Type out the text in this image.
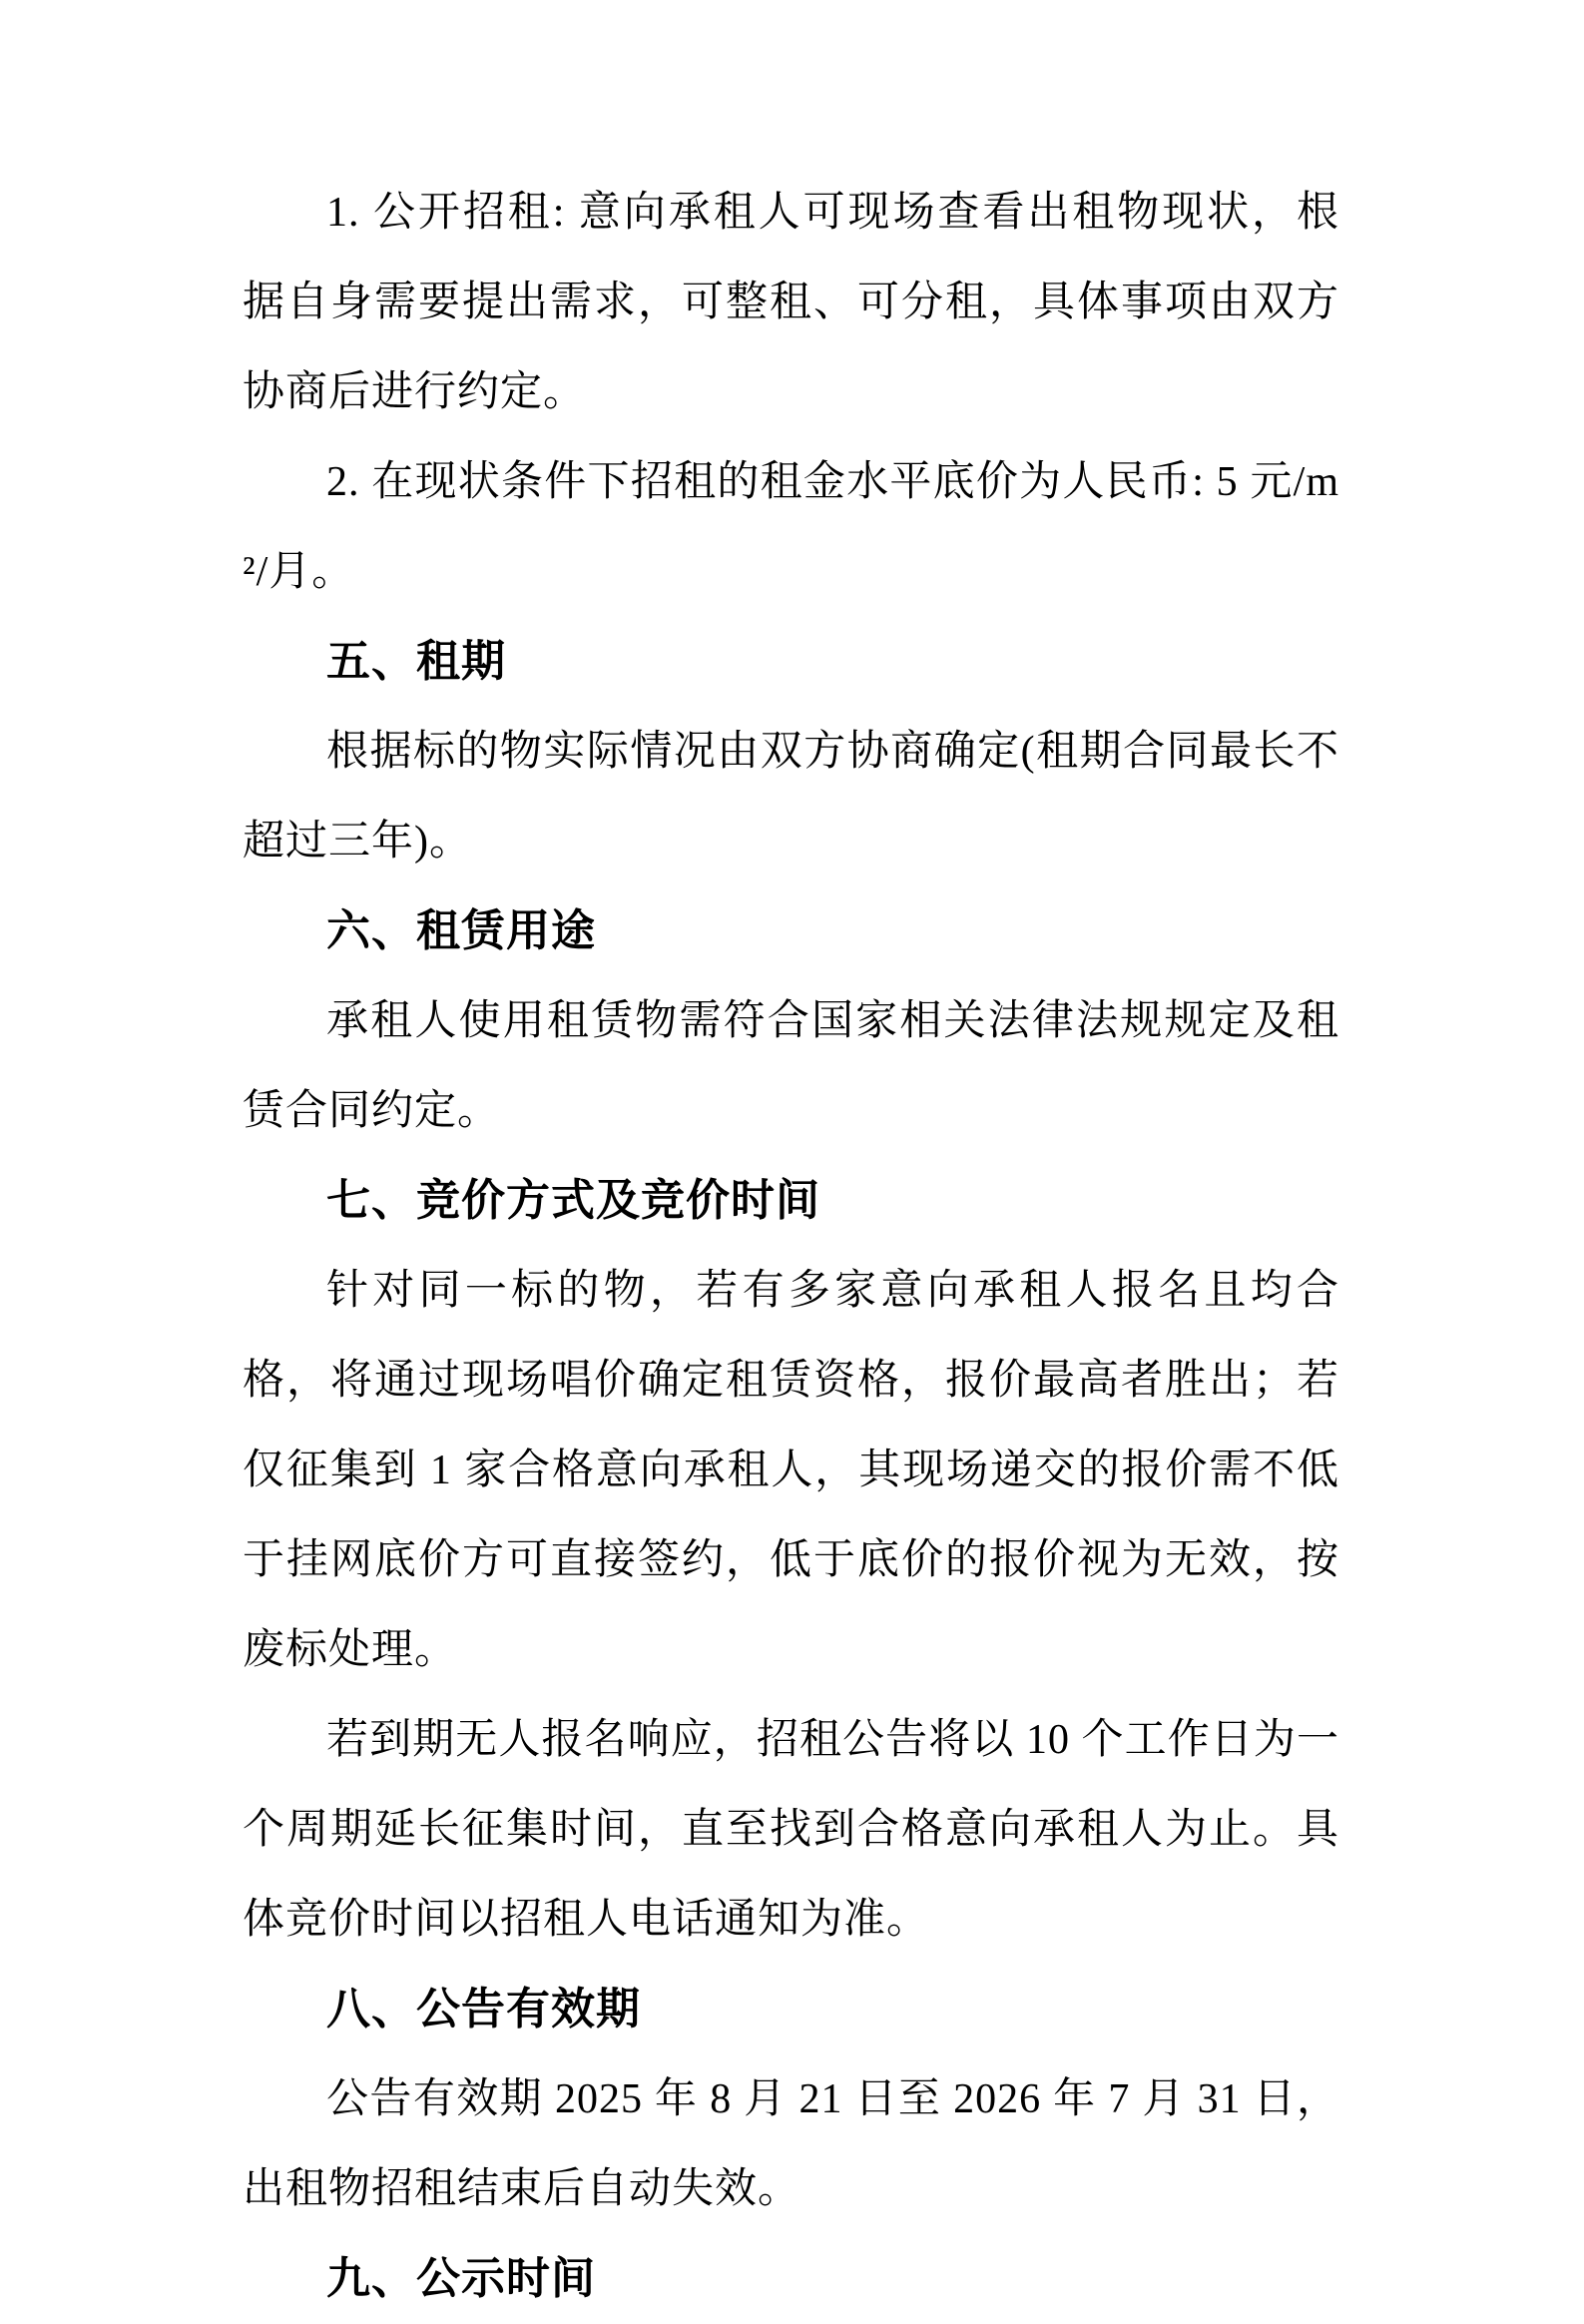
1. 公开招租: 意向承租人可现场查看出租物现状，根据自身需要提出需求，可整租、可分租，具体事项由双方协商后进行约定。

2. 在现状条件下招租的租金水平底价为人民币: 5 元/m²/月。

五、租期

根据标的物实际情况由双方协商确定(租期合同最长不超过三年)。

六、租赁用途

承租人使用租赁物需符合国家相关法律法规规定及租赁合同约定。

七、竞价方式及竞价时间

针对同一标的物，若有多家意向承租人报名且均合格，将通过现场唱价确定租赁资格，报价最高者胜出；若仅征集到 1 家合格意向承租人，其现场递交的报价需不低于挂网底价方可直接签约，低于底价的报价视为无效，按废标处理。

若到期无人报名响应，招租公告将以 10 个工作日为一个周期延长征集时间，直至找到合格意向承租人为止。具体竞价时间以招租人电话通知为准。

八、公告有效期

公告有效期 2025 年 8 月 21 日至 2026 年 7 月 31 日，出租物招租结束后自动失效。

九、公示时间
